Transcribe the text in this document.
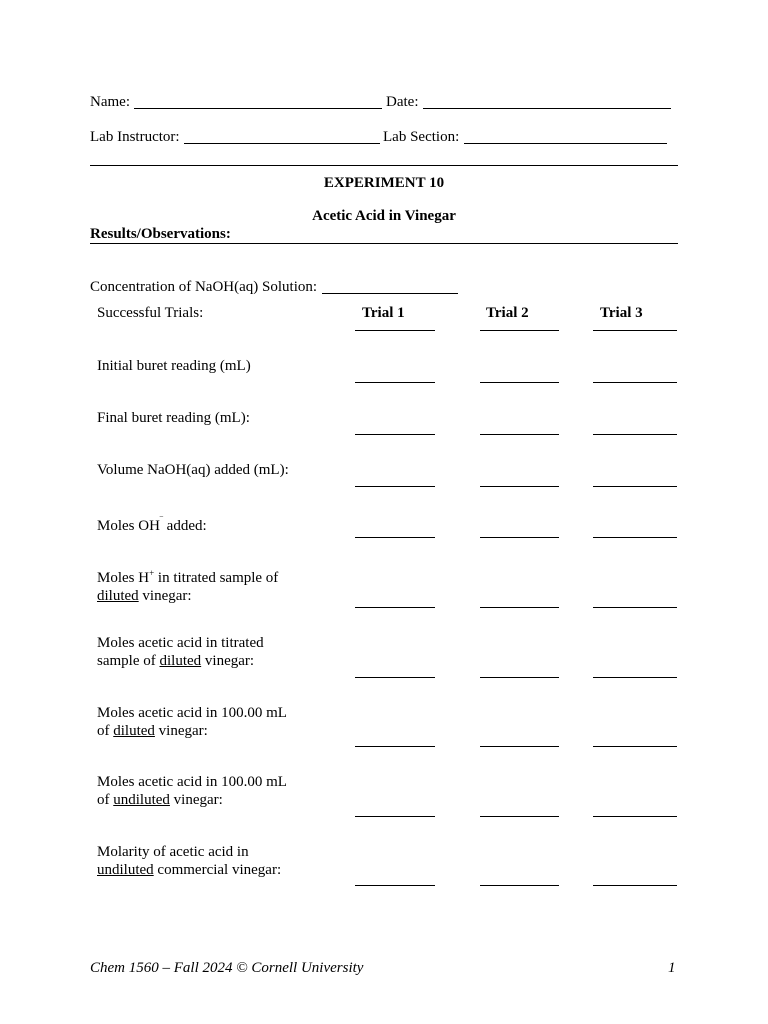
Name:	Date:
Lab Instructor:	Lab Section:
EXPERIMENT 10
Acetic Acid in Vinegar
Results/Observations:
Concentration of NaOH(aq) Solution:
Successful Trials:	Trial 1	Trial 2	Trial 3
Initial buret reading (mL)
Final buret reading (mL):
Volume NaOH(aq) added (mL):
Moles OH‾ added:
Moles H+ in titrated sample of
diluted vinegar:
Moles acetic acid in titrated
sample of diluted vinegar:
Moles acetic acid in 100.00 mL
of diluted vinegar:
Moles acetic acid in 100.00 mL
of undiluted vinegar:
Molarity of acetic acid in
undiluted commercial vinegar:
Chem 1560 – Fall 2024 © Cornell University	1
